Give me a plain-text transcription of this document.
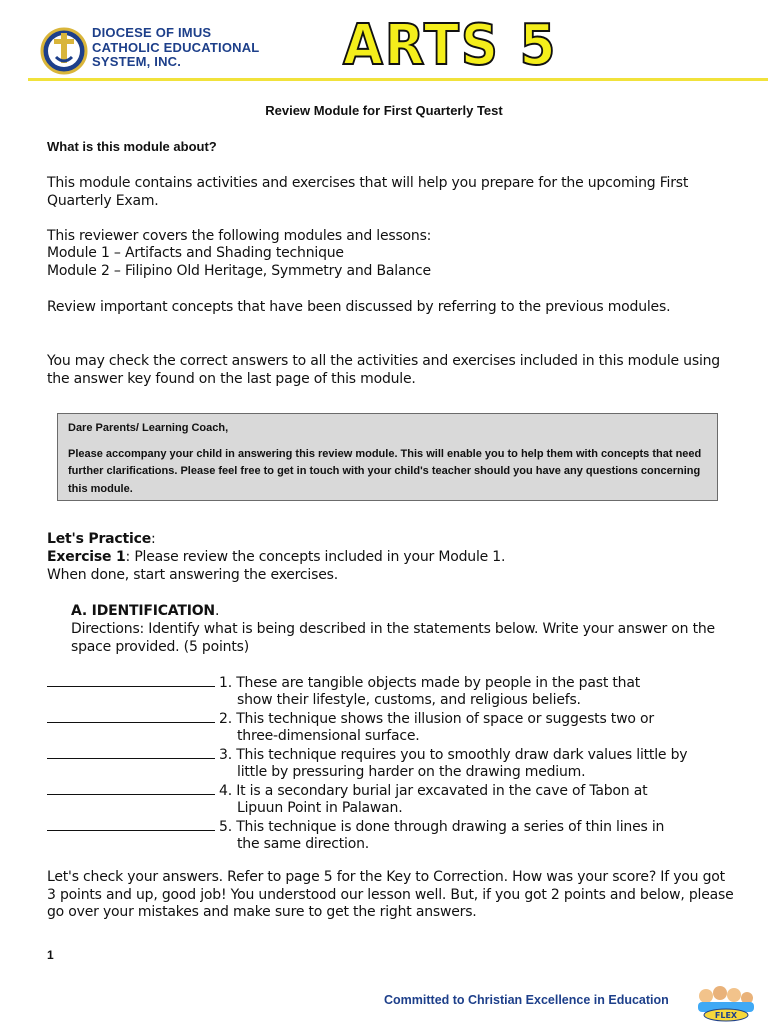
DIOCESE OF IMUS
CATHOLIC EDUCATIONAL
SYSTEM, INC.	ARTS 5
Review Module for First Quarterly Test
What is this module about?

This module contains activities and exercises that will help you prepare for the upcoming First Quarterly Exam.

This reviewer covers the following modules and lessons:

Module 1 – Artifacts and Shading technique

Module 2 – Filipino Old Heritage, Symmetry and Balance

Review important concepts that have been discussed by referring to the previous modules.

You may check the correct answers to all the activities and exercises included in this module using the answer key found on the last page of this module.

Dare Parents/ Learning Coach,
Please accompany your child in answering this review module. This will enable you to help them with concepts that need further clarifications. Please feel free to get in touch with your child's teacher should you have any questions concerning this module.
Let's Practice:
Exercise 1: Please review the concepts included in your Module 1.
When done, start answering the exercises.
A. IDENTIFICATION.

Directions: Identify what is being described in the statements below. Write your answer on the space provided. (5 points)

1. These are tangible objects made by people in the past that
show their lifestyle, customs, and religious beliefs.
2. This technique shows the illusion of space or suggests two or
three-dimensional surface.
3. This technique requires you to smoothly draw dark values little by
little by pressuring harder on the drawing medium.
4. It is a secondary burial jar excavated in the cave of Tabon at
Lipuun Point in Palawan.
5. This technique is done through drawing a series of thin lines in
the same direction.

Let's check your answers. Refer to page 5 for the Key to Correction. How was your score? If you got 3 points and up, good job! You understood our lesson well. But, if you got 2 points and below, please go over your mistakes and make sure to get the right answers.

1
Committed to Christian Excellence in Education
FLEX
